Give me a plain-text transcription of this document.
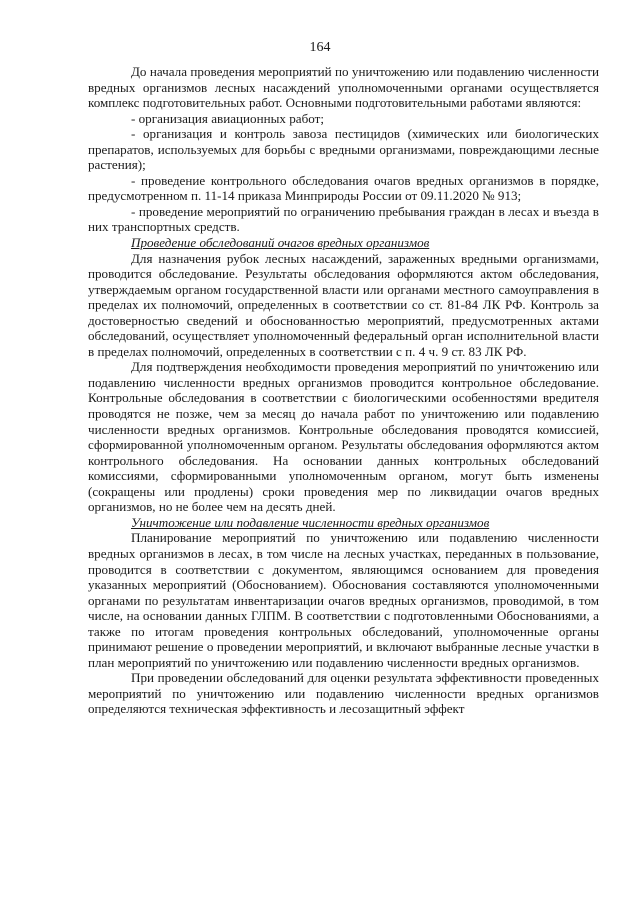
164

До начала проведения мероприятий по уничтожению или подавлению численности вредных организмов лесных насаждений уполномоченными органами осуществляется комплекс подготовительных работ. Основными подготовительными работами являются:

- организация авиационных работ;

- организация и контроль завоза пестицидов (химических или биологических препаратов, используемых для борьбы с вредными организмами, повреждающими лесные растения);

- проведение контрольного обследования очагов вредных организмов в порядке, предусмотренном п. 11-14 приказа Минприроды России от 09.11.2020 № 913;

- проведение мероприятий по ограничению пребывания граждан в лесах и въезда в них транспортных средств.

Проведение обследований очагов вредных организмов

Для назначения рубок лесных насаждений, зараженных вредными организмами, проводится обследование. Результаты обследования оформляются актом обследования, утверждаемым органом государственной власти или органами местного самоуправления в пределах их полномочий, определенных в соответствии со ст. 81-84 ЛК РФ. Контроль за достоверностью сведений и обоснованностью мероприятий, предусмотренных актами обследований, осуществляет уполномоченный федеральный орган исполнительной власти в пределах полномочий, определенных в соответствии с п. 4 ч. 9 ст. 83 ЛК РФ.

Для подтверждения необходимости проведения мероприятий по уничтожению или подавлению численности вредных организмов проводится контрольное обследование. Контрольные обследования в соответствии с биологическими особенностями вредителя проводятся не позже, чем за месяц до начала работ по уничтожению или подавлению численности вредных организмов. Контрольные обследования проводятся комиссией, сформированной уполномоченным органом. Результаты обследования оформляются актом контрольного обследования. На основании данных контрольных обследований комиссиями, сформированными уполномоченным органом, могут быть изменены (сокращены или продлены) сроки проведения мер по ликвидации очагов вредных организмов, но не более чем на десять дней.

Уничтожение или подавление численности вредных организмов

Планирование мероприятий по уничтожению или подавлению численности вредных организмов в лесах, в том числе на лесных участках, переданных в пользование, проводится в соответствии с документом, являющимся основанием для проведения указанных мероприятий (Обоснованием). Обоснования составляются уполномоченными органами по результатам инвентаризации очагов вредных организмов, проводимой, в том числе, на основании данных ГЛПМ. В соответствии с подготовленными Обоснованиями, а также по итогам проведения контрольных обследований, уполномоченные органы принимают решение о проведении мероприятий, и включают выбранные лесные участки в план мероприятий по уничтожению или подавлению численности вредных организмов.

При проведении обследований для оценки результата эффективности проведенных мероприятий по уничтожению или подавлению численности вредных организмов определяются техническая эффективность и лесозащитный эффект
